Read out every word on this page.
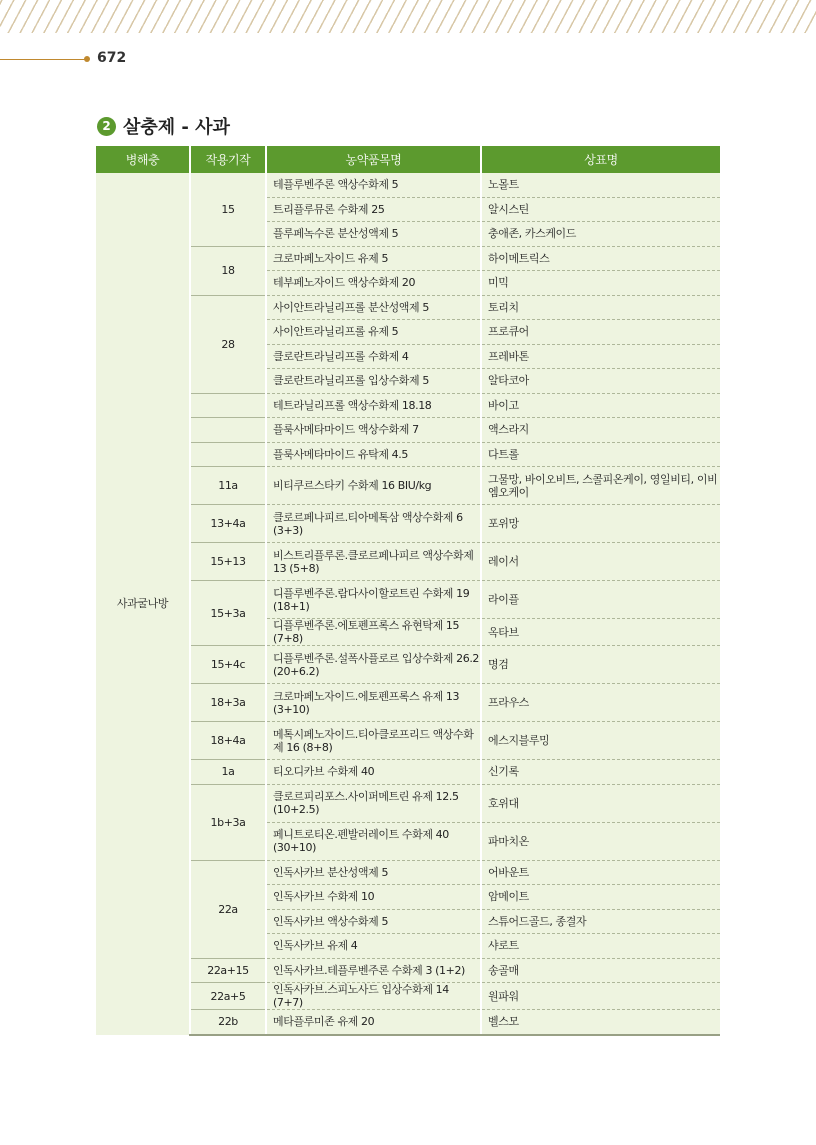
672
2 살충제 - 사과
병해충	작용기작	농약품목명	상표명
사과굴나방	15	테플루벤주론 액상수화제 5	노몰트
		트리플루뮤론 수화제 25	알시스틴
		플루페녹수론 분산성액제 5	충애존, 카스케이드
	18	크로마페노자이드 유제 5	하이메트릭스
		테부페노자이드 액상수화제 20	미믹
	28	사이안트라닐리프롤 분산성액제 5	토리치
		사이안트라닐리프롤 유제 5	프로큐어
		클로란트라닐리프롤 수화제 4	프레바톤
		클로란트라닐리프롤 입상수화제 5	알타코아
		테트라닐리프롤 액상수화제 18.18	바이고
		플룩사메타마이드 액상수화제 7	액스라지
		플룩사메타마이드 유탁제 4.5	다트롤
	11a	비티쿠르스타키 수화제 16 BIU/kg	그물망, 바이오비트, 스콜피온케이, 영일비티, 이비엠오케이
	13+4a	클로르페나피르.티아메톡삼 액상수화제 6 (3+3)	포위망
	15+13	비스트리플루론.클로르페나피르 액상수화제 13 (5+8)	레이서
	15+3a	디플루벤주론.람다사이할로트린 수화제 19 (18+1)	라이플
		디플루벤주론.에토펜프록스 유현탁제 15 (7+8)	옥타브
	15+4c	디플루벤주론.설폭사플로르 입상수화제 26.2 (20+6.2)	명검
	18+3a	크로마페노자이드.에토펜프록스 유제 13 (3+10)	프라우스
	18+4a	메톡시페노자이드.티아클로프리드 액상수화제 16 (8+8)	에스지블루밍
	1a	티오디카브 수화제 40	신기록
	1b+3a	클로르피리포스.사이퍼메트린 유제 12.5 (10+2.5)	호위대
		페니트로티온.펜발러레이트 수화제 40 (30+10)	파마치온
	22a	인독사카브 분산성액제 5	어바운트
		인독사카브 수화제 10	암메이트
		인독사카브 액상수화제 5	스튜어드골드, 종결자
		인독사카브 유제 4	샤로트
	22a+15	인독사카브.테플루벤주론 수화제 3 (1+2)	송골매
	22a+5	인독사카브.스피노사드 입상수화제 14 (7+7)	원파워
	22b	메타플루미존 유제 20	벨스모
